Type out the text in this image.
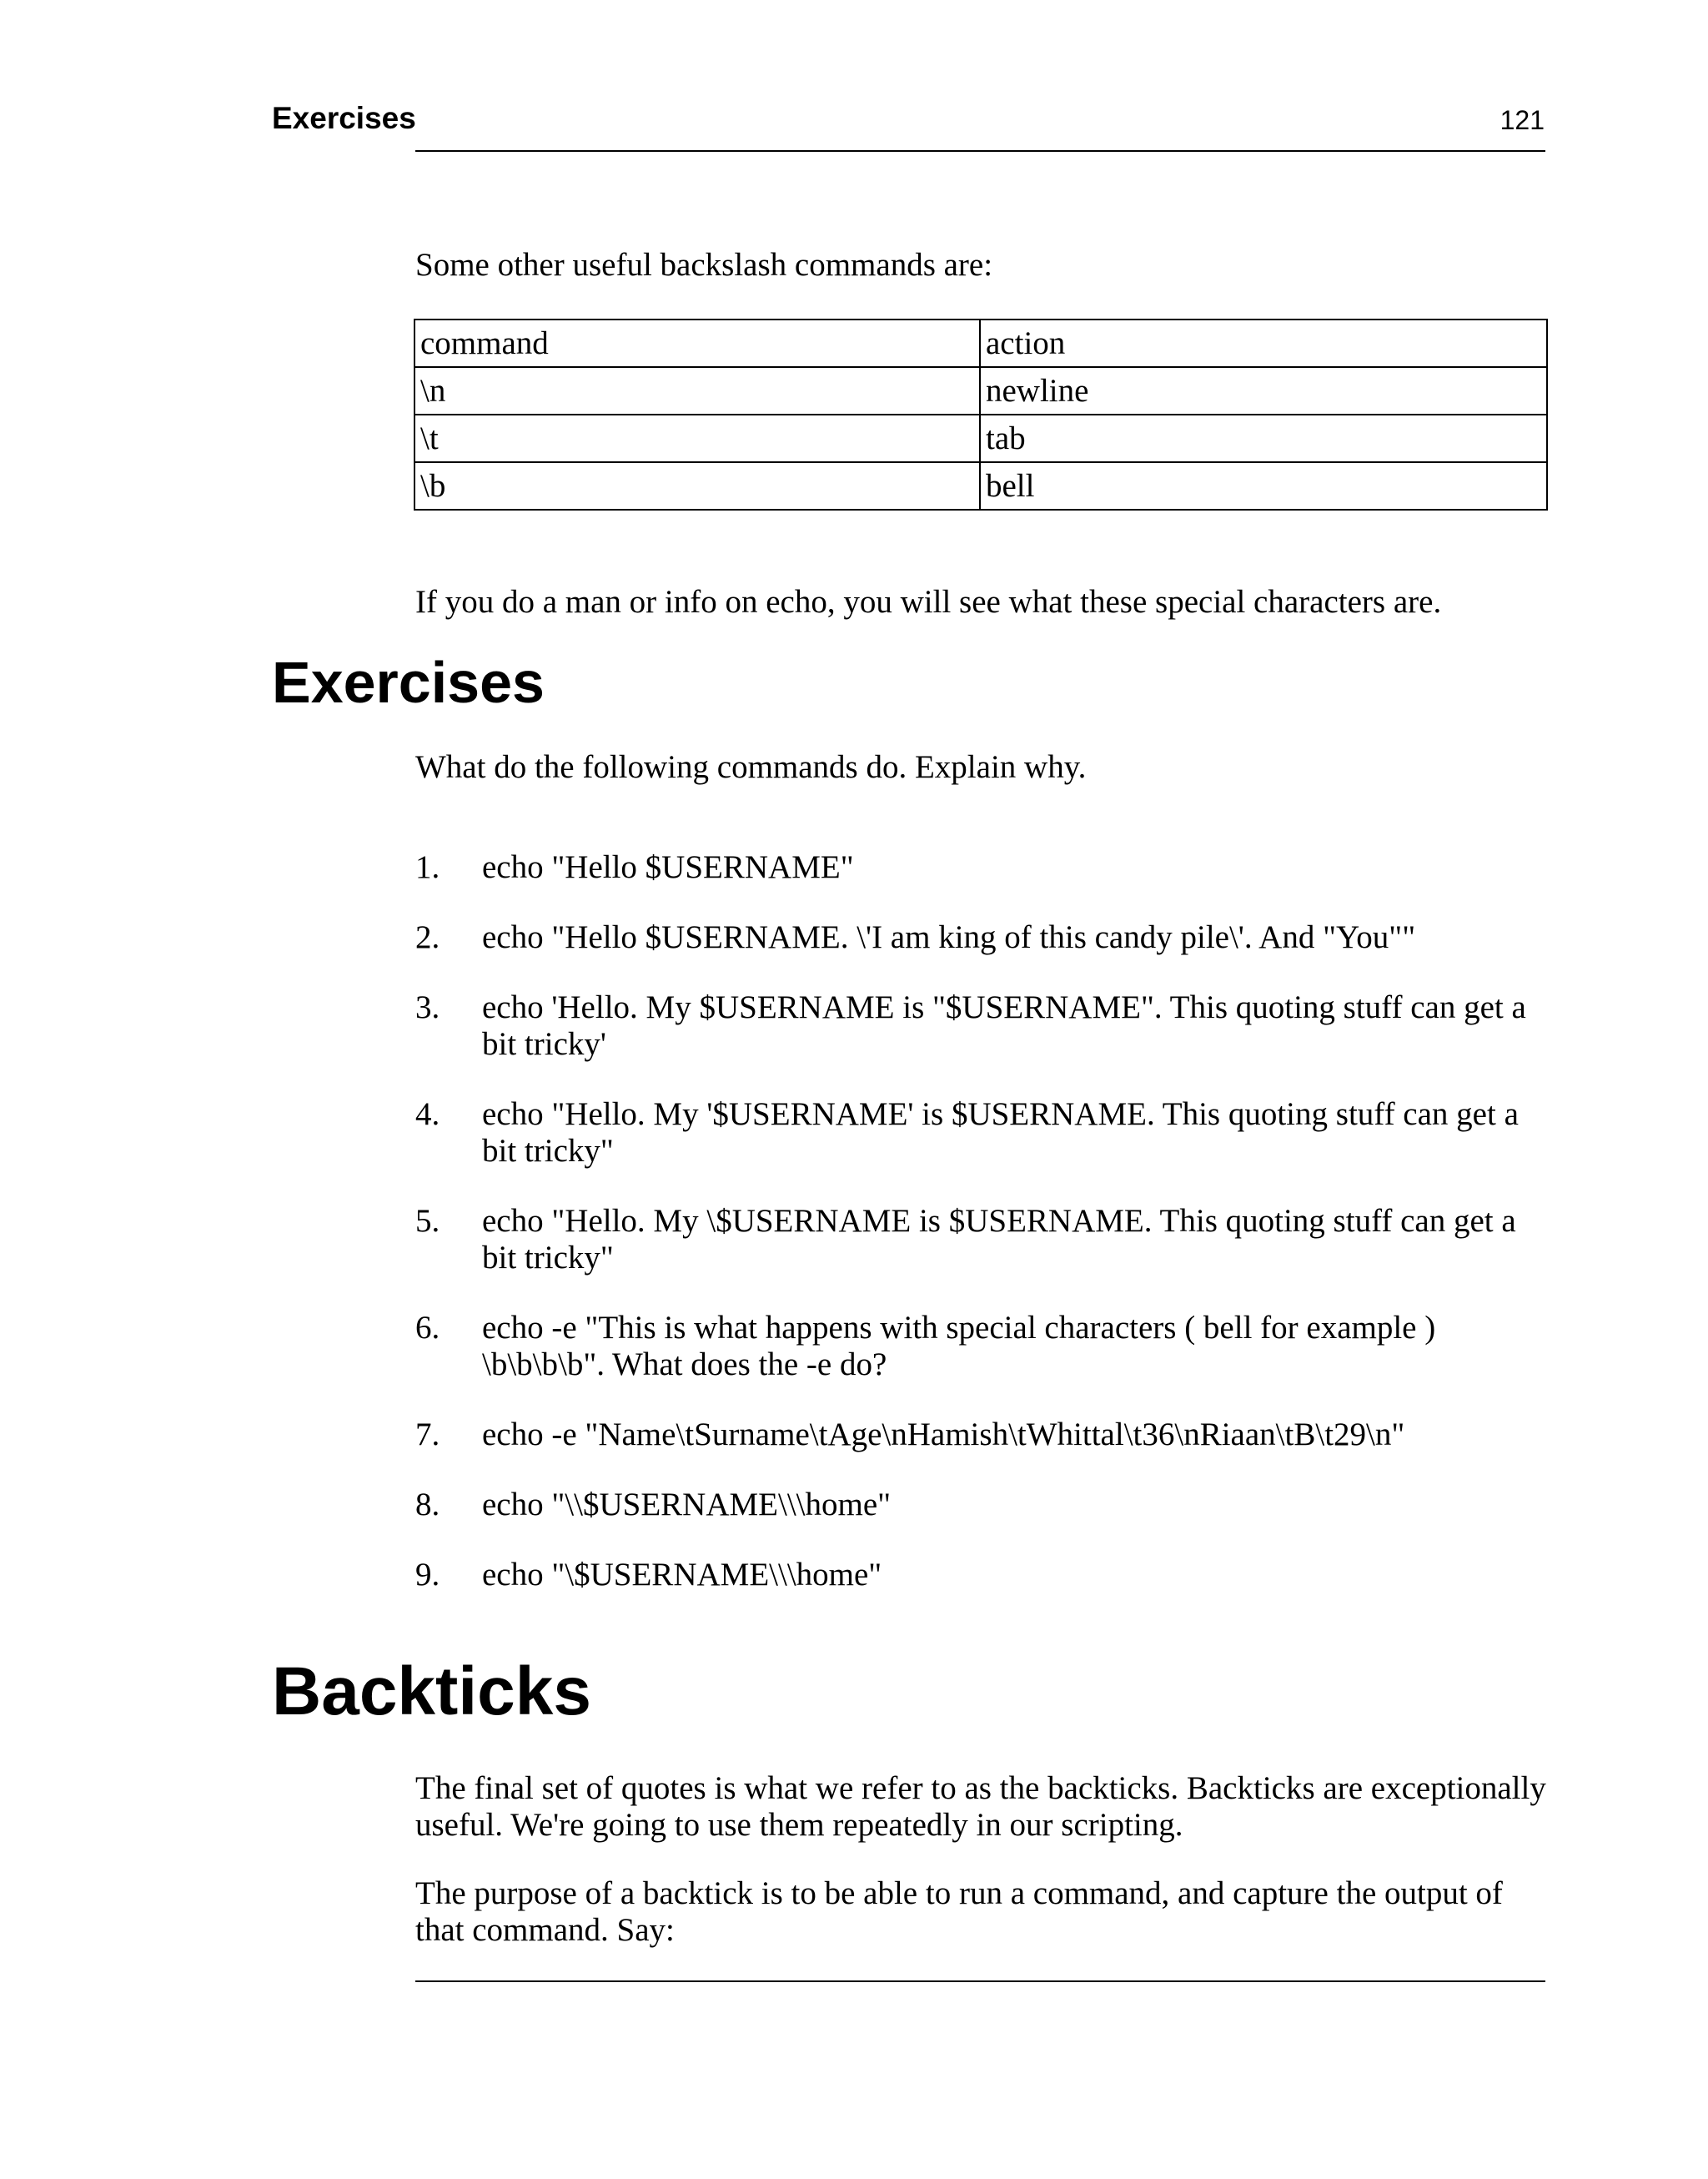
Exercises	121

Some other useful backslash commands are:

command	action
\n	newline
\t	tab
\b	bell

If you do a man or info on echo, you will see what these special characters are.

Exercises

What do the following commands do. Explain why.

1.	echo "Hello $USERNAME"
2.	echo "Hello $USERNAME. \'I am king of this candy pile\'. And "You""
3.	echo 'Hello. My $USERNAME is "$USERNAME". This quoting stuff can get a bit tricky'
4.	echo "Hello. My '$USERNAME' is $USERNAME. This quoting stuff can get a bit tricky"
5.	echo "Hello. My \$USERNAME is $USERNAME. This quoting stuff can get a bit tricky"
6.	echo -e "This is what happens with special characters ( bell for example ) \b\b\b\b". What does the -e do?
7.	echo -e "Name\tSurname\tAge\nHamish\tWhittal\t36\nRiaan\tB\t29\n"
8.	echo "\\$USERNAME\\\home"
9.	echo "\$USERNAME\\\home"
Backticks

The final set of quotes is what we refer to as the backticks. Backticks are exceptionally useful. We're going to use them repeatedly in our scripting.

The purpose of a backtick is to be able to run a command, and capture the output of that command. Say:
